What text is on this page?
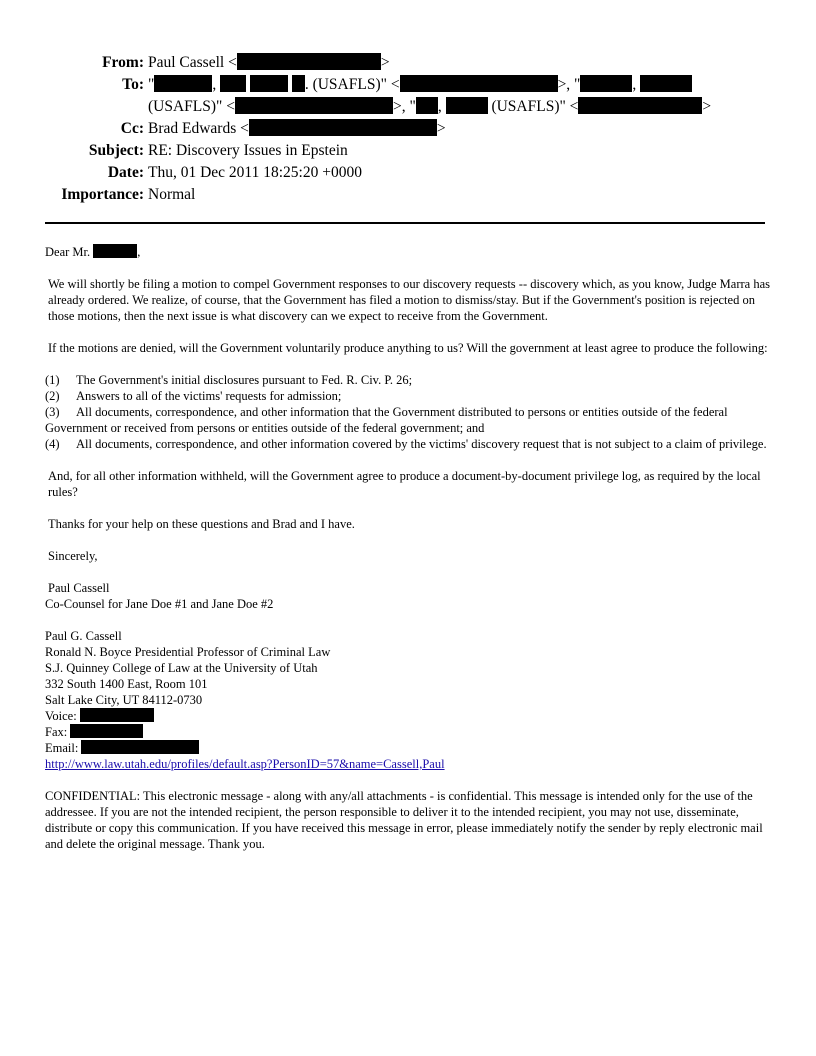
From: Paul Cassell <	>
To: "	,	. (USAFLS)" <	>, "	,
(USAFLS)" <	>, " ,	(USAFLS)" <	>
Cc: Brad Edwards <	>
Subject: RE: Discovery Issues in Epstein
Date: Thu, 01 Dec 2011 18:25:20 +0000
Importance: Normal

Dear Mr.	,

We will shortly be filing a motion to compel Government responses to our discovery requests -- discovery which, as you know, Judge Marra has already ordered. We realize, of course, that the Government has filed a motion to dismiss/stay. But if the Government's position is rejected on those motions, then the next issue is what discovery can we expect to receive from the Government.

If the motions are denied, will the Government voluntarily produce anything to us? Will the government at least agree to produce the following:

(1) The Government's initial disclosures pursuant to Fed. R. Civ. P. 26;

(2) Answers to all of the victims' requests for admission;

(3) All documents, correspondence, and other information that the Government distributed to persons or entities outside of the federal Government or received from persons or entities outside of the federal government; and

(4) All documents, correspondence, and other information covered by the victims' discovery request that is not subject to a claim of privilege.

And, for all other information withheld, will the Government agree to produce a document-by-document privilege log, as required by the local rules?

Thanks for your help on these questions and Brad and I have.

Sincerely,

Paul Cassell

Co-Counsel for Jane Doe #1 and Jane Doe #2

Paul G. Cassell

Ronald N. Boyce Presidential Professor of Criminal Law

S.J. Quinney College of Law at the University of Utah

332 South 1400 East, Room 101

Salt Lake City, UT 84112-0730

Voice:

Fax:

Email:

http://www.law.utah.edu/profiles/default.asp?PersonID=57&name=Cassell,Paul

CONFIDENTIAL: This electronic message - along with any/all attachments - is confidential. This message is intended only for the use of the addressee. If you are not the intended recipient, the person responsible to deliver it to the intended recipient, you may not use, disseminate, distribute or copy this communication. If you have received this message in error, please immediately notify the sender by reply electronic mail and delete the original message. Thank you.
